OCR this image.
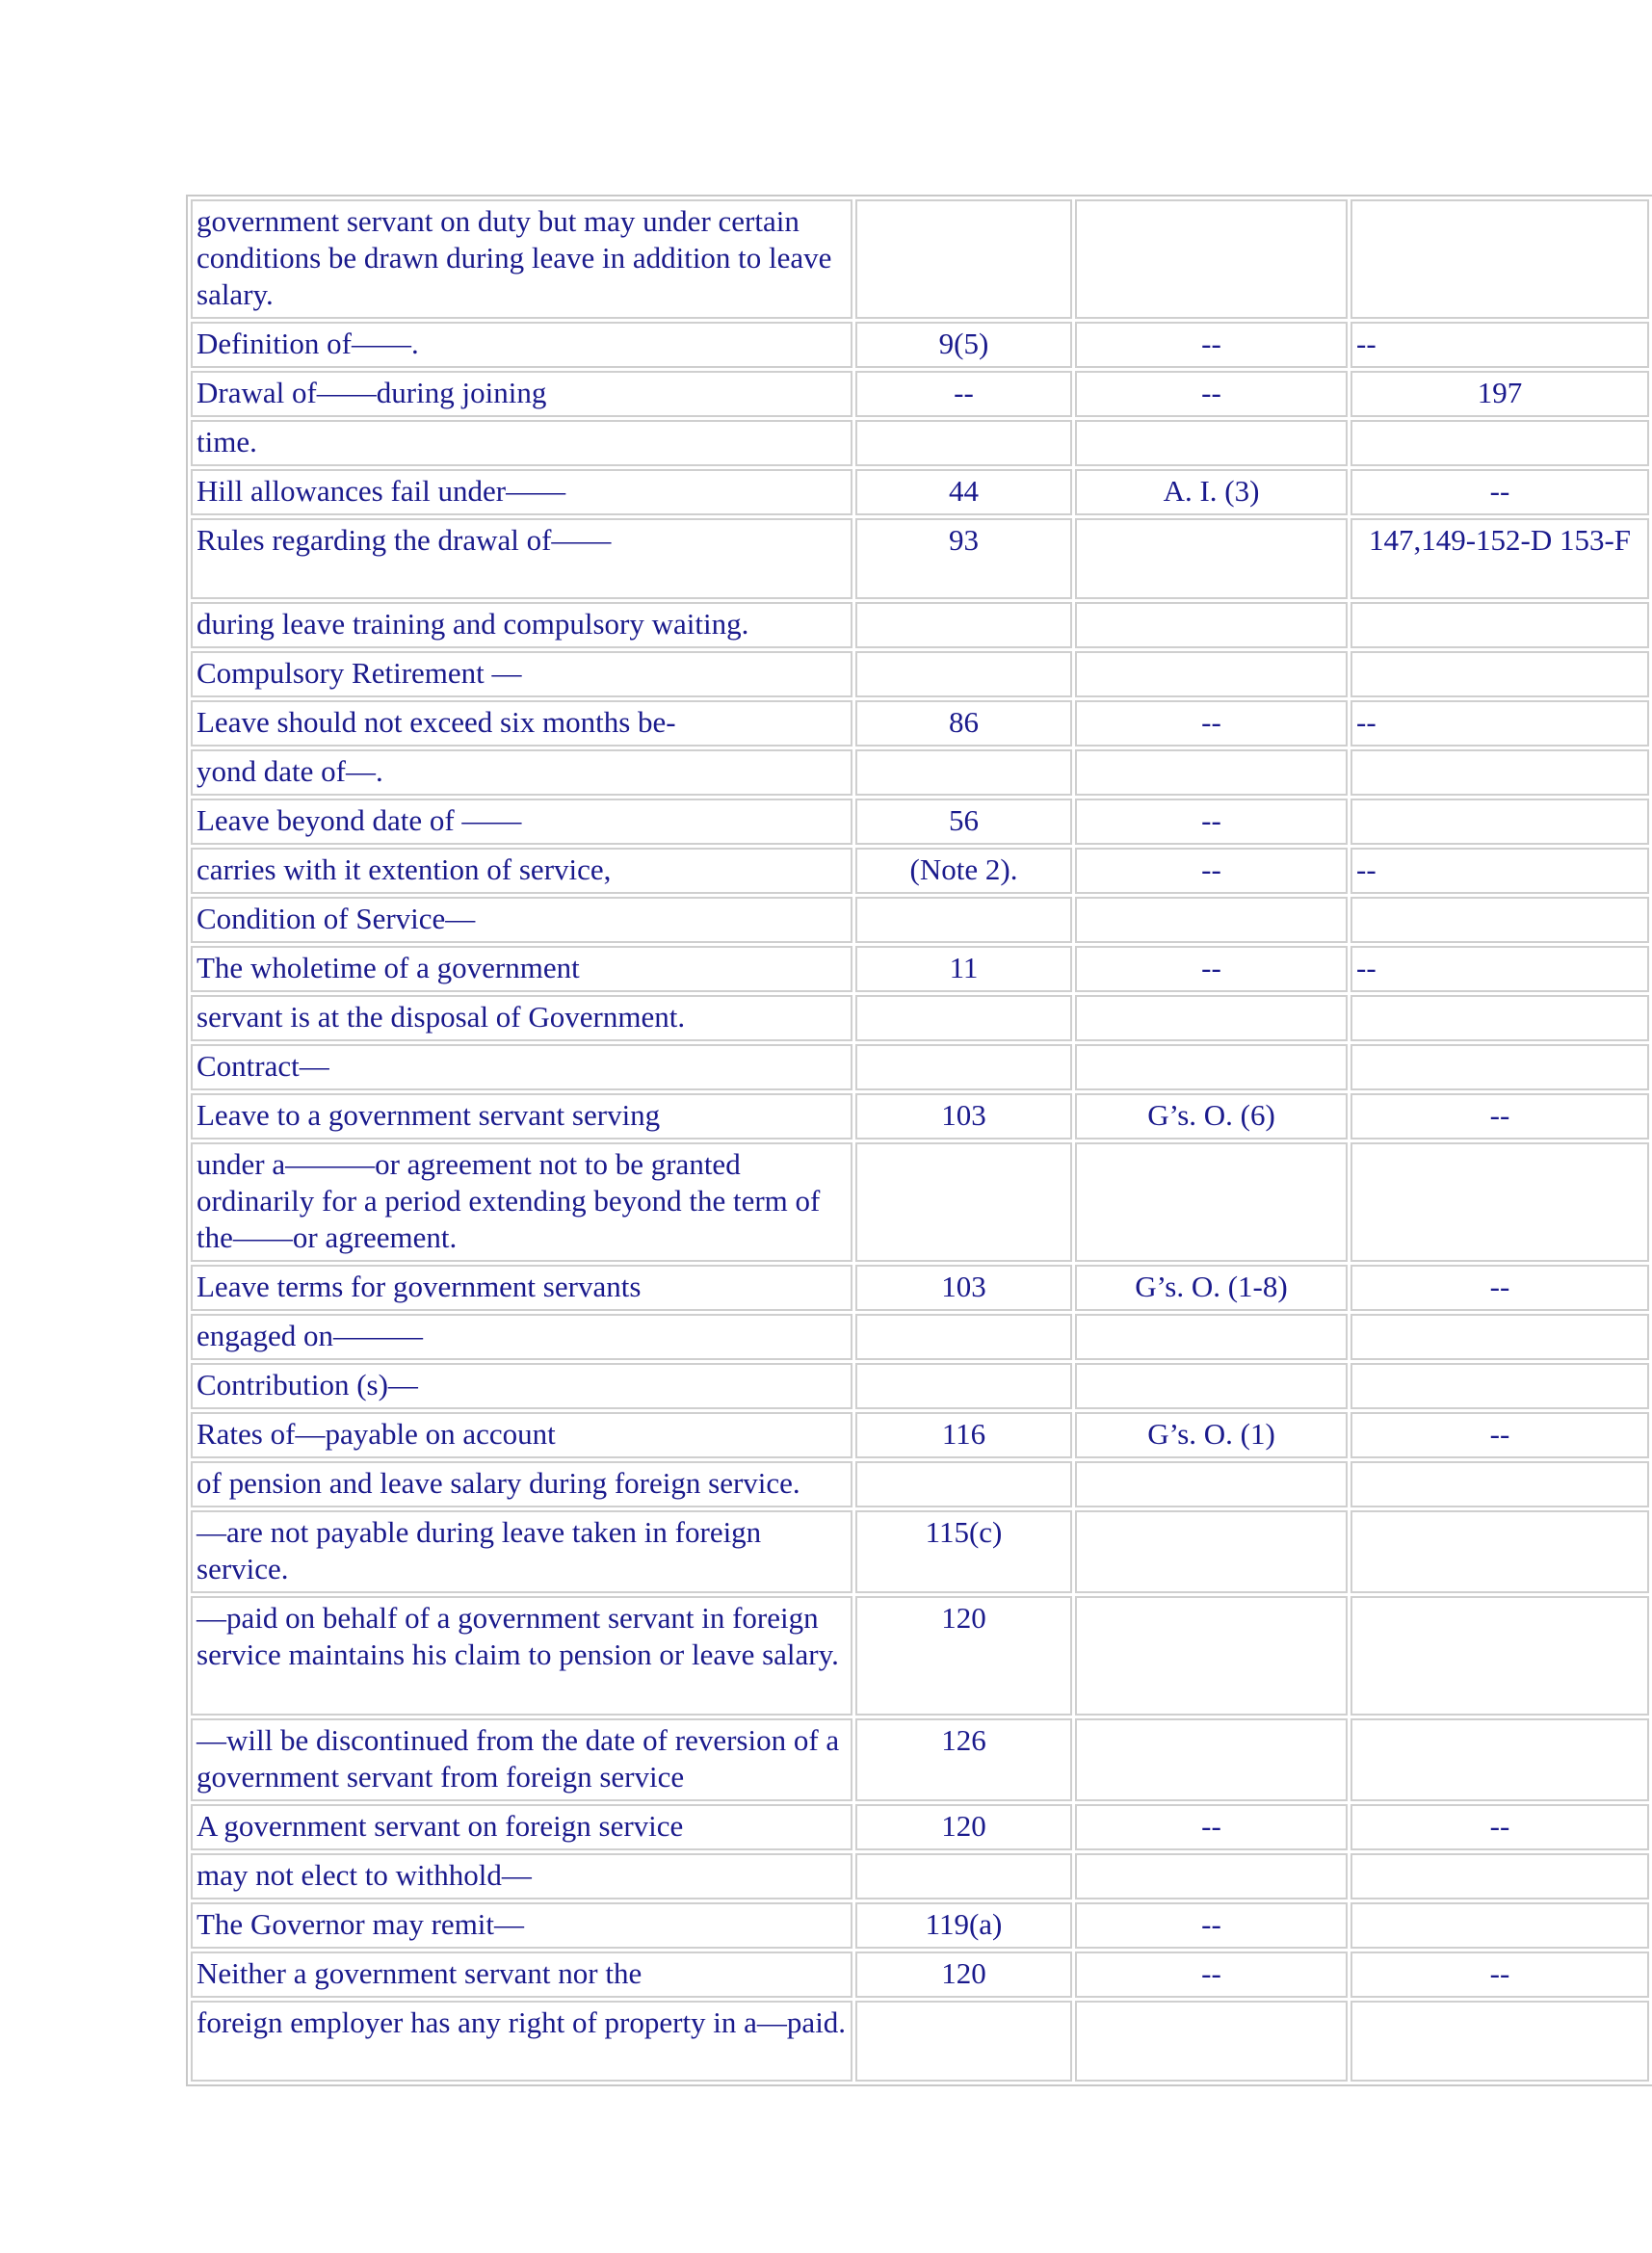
government servant on duty but may under certain conditions be drawn during leave in addition to leave salary.			
Definition of——.	9(5)	--	--
Drawal of——during joining	--	--	197
time.			
Hill allowances fail under——	44	A. I. (3)	--
Rules regarding the drawal of——	93		147,149-152-D 153-F
during leave training and compulsory waiting.			
Compulsory Retirement —			
Leave should not exceed six months be-	86	--	--
yond date of—.			
Leave beyond date of ——	56	--	
carries with it extention of service,	(Note 2).	--	--
Condition of Service—			
The wholetime of a government	11	--	--
servant is at the disposal of Government.			
Contract—			
Leave to a government servant serving	103	G’s. O. (6)	--
under a———or agreement not to be granted ordinarily for a period extending beyond the term of the——or agreement.			
Leave terms for government servants	103	G’s. O. (1-8)	--
engaged on———			
Contribution (s)—			
Rates of—payable on account	116	G’s. O. (1)	--
of pension and leave salary during foreign service.			
—are not payable during leave taken in foreign service.	115(c)		
—paid on behalf of a government servant in foreign service maintains his claim to pension or leave salary.	120		
—will be discontinued from the date of reversion of a government servant from foreign service	126		
A government servant on foreign service	120	--	--
may not elect to withhold—			
The Governor may remit—	119(a)	--	
Neither a government servant nor the	120	--	--
foreign employer has any right of property in a—paid.			
